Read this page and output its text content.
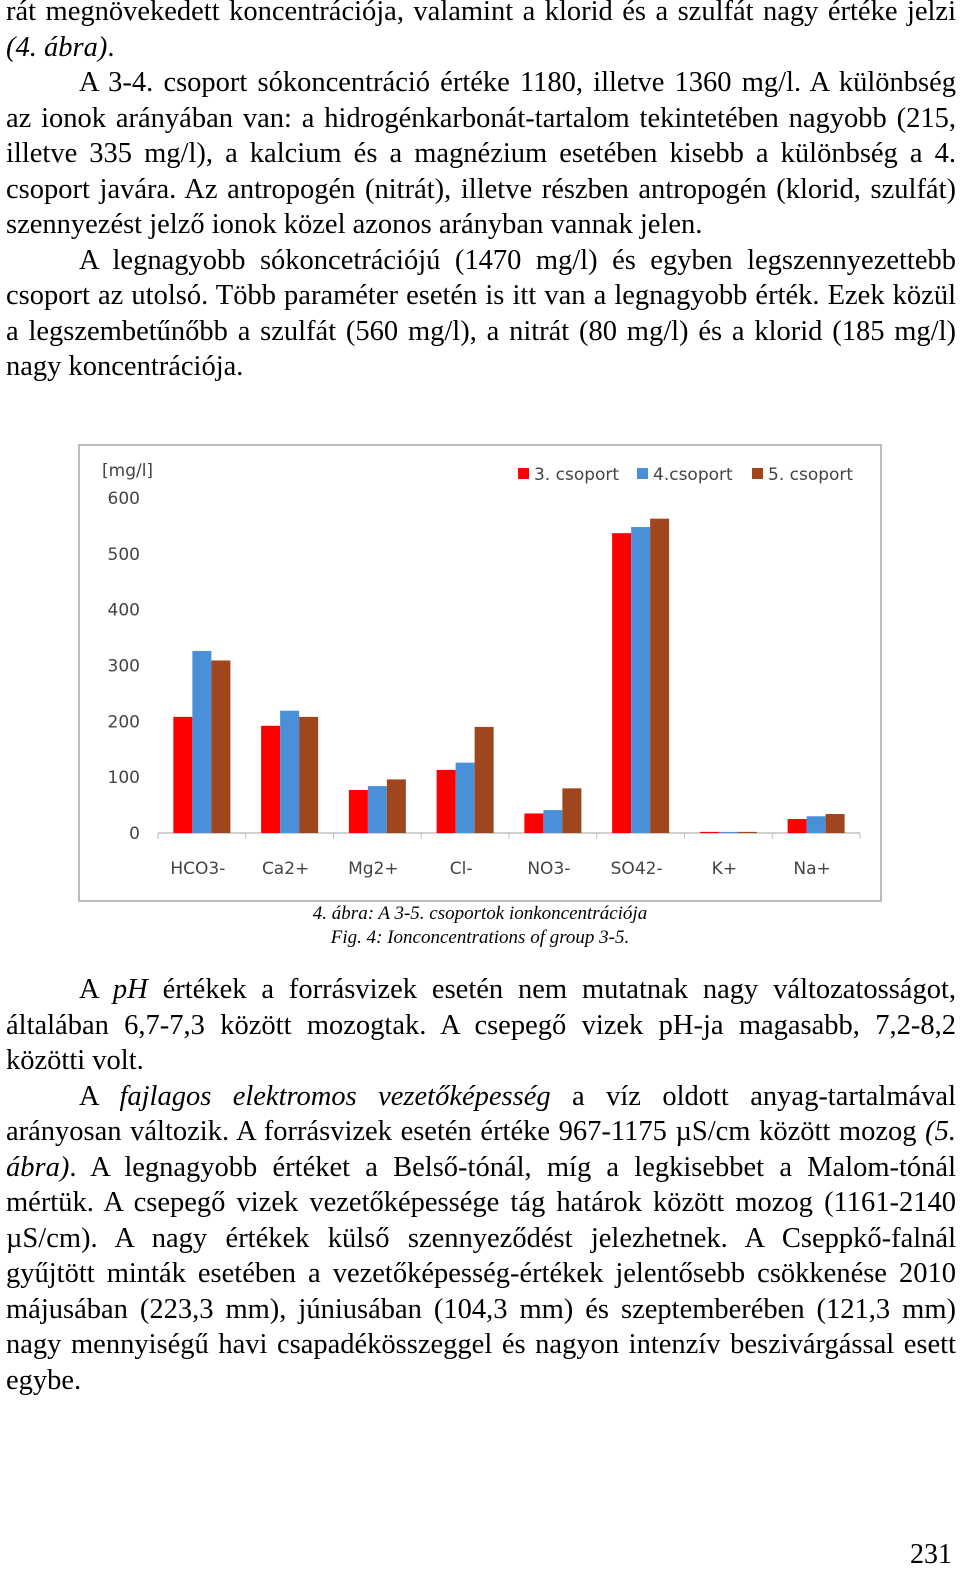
rát megnövekedett koncentrációja, valamint a klorid és a szulfát nagy értéke jelzi (4. ábra).

A 3-4. csoport sókoncentráció értéke 1180, illetve 1360 mg/l. A különbség az ionok arányában van: a hidrogénkarbonát-tartalom tekintetében nagyobb (215, illetve 335 mg/l), a kalcium és a magnézium esetében kisebb a különbség a 4. csoport javára. Az antropogén (nitrát), illetve részben antropogén (klorid, szulfát) szennyezést jelző ionok közel azonos arányban vannak jelen.

A legnagyobb sókoncetrációjú (1470 mg/l) és egyben legszennyezettebb csoport az utolsó. Több paraméter esetén is itt van a legnagyobb érték. Ezek közül a legszembetűnőbb a szulfát (560 mg/l), a nitrát (80 mg/l) és a klorid (185 mg/l) nagy koncentrációja.

[mg/l]
0
100
200
300
400
500
600
HCO3- Ca2+ Mg2+	Cl-	NO3- SO42-	K+	Na+
3. csoport 4.csoport 5. csoport
4. ábra: A 3-5. csoportok ionkoncentrációja
Fig. 4: Ionconcentrations of group 3-5.

A pH értékek a forrásvizek esetén nem mutatnak nagy változatosságot, általában 6,7-7,3 között mozogtak. A csepegő vizek pH-ja magasabb, 7,2-8,2 közötti volt.

A fajlagos elektromos vezetőképesség a víz oldott anyag-tartalmával arányosan változik. A forrásvizek esetén értéke 967-1175 µS/cm között mozog (5. ábra). A legnagyobb értéket a Belső-tónál, míg a legkisebbet a Malom-tónál mértük. A csepegő vizek vezetőképessége tág határok között mozog (1161-2140 µS/cm). A nagy értékek külső szennyeződést jelezhetnek. A Cseppkő-falnál gyűjtött minták esetében a vezetőképesség-értékek jelentősebb csökkenése 2010 májusában (223,3 mm), júniusában (104,3 mm) és szeptemberében (121,3 mm) nagy mennyiségű havi csapadékösszeggel és nagyon intenzív beszivárgással esett egybe.

231
